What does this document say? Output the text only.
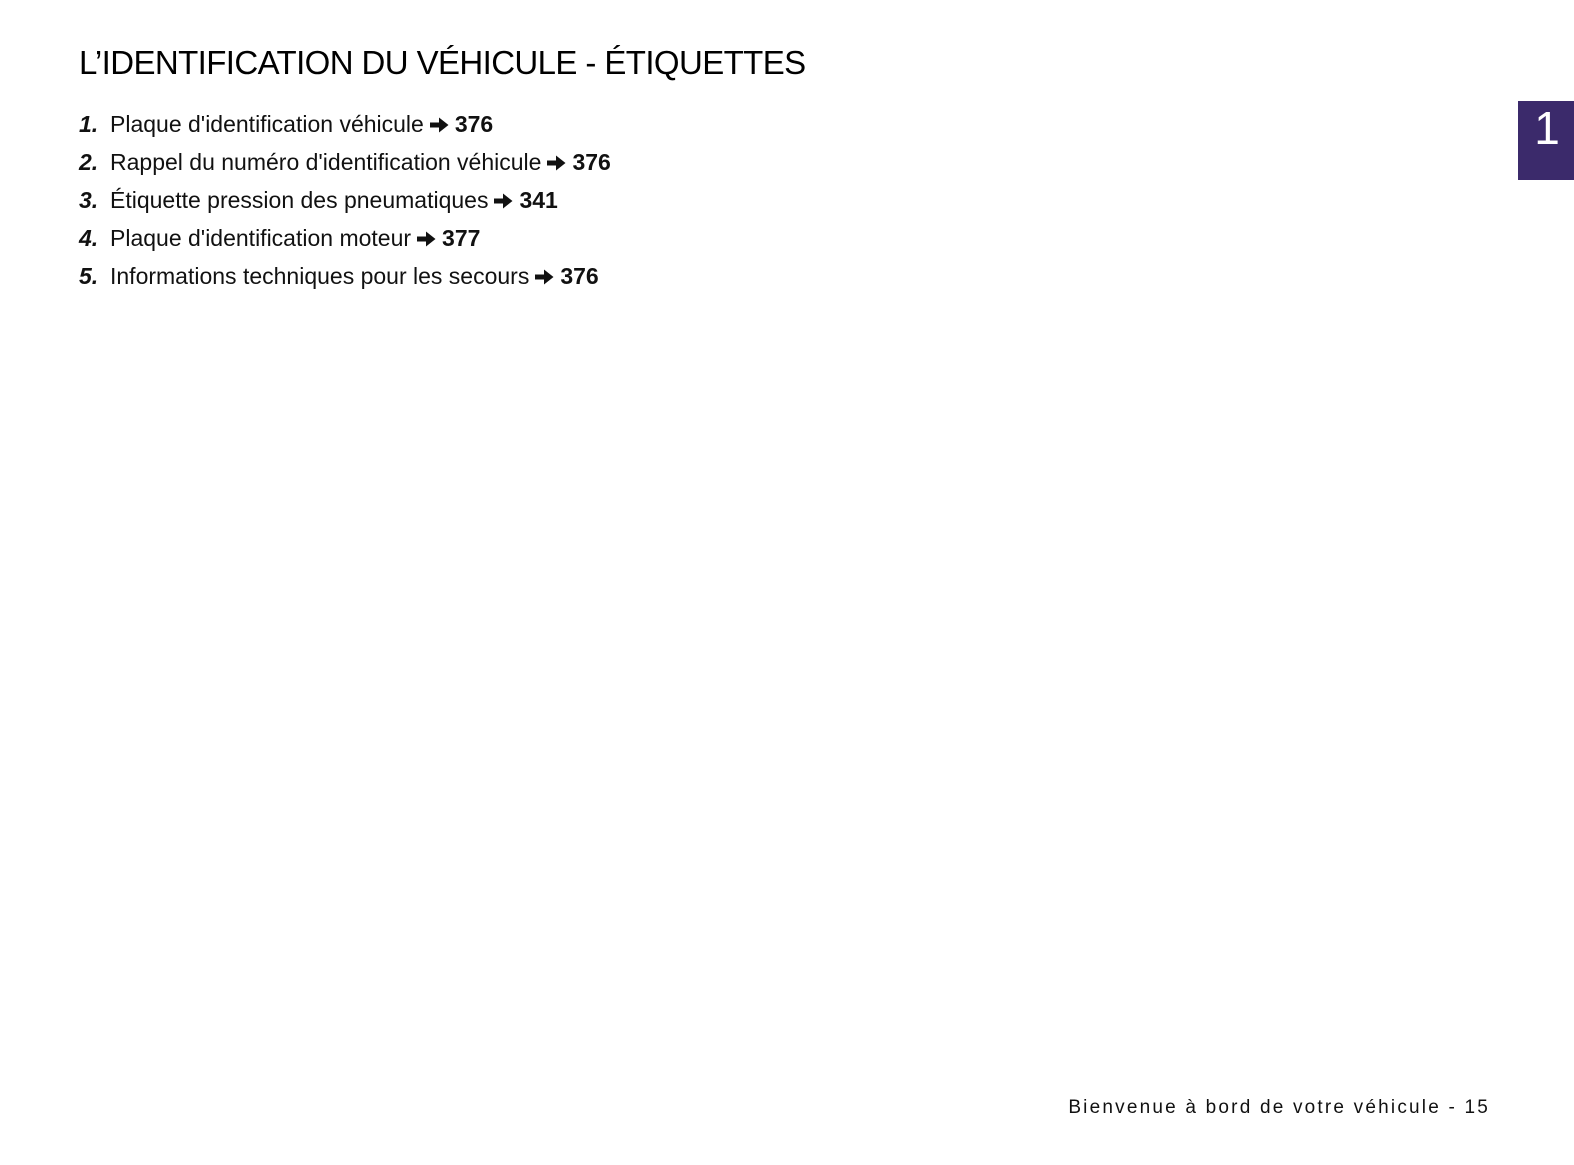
L’IDENTIFICATION DU VÉHICULE - ÉTIQUETTES
1. Plaque d'identification véhicule 376
2. Rappel du numéro d'identification véhicule 376
3. Étiquette pression des pneumatiques 341
4. Plaque d'identification moteur 377
5. Informations techniques pour les secours 376
1
Bienvenue à bord de votre véhicule - 15
